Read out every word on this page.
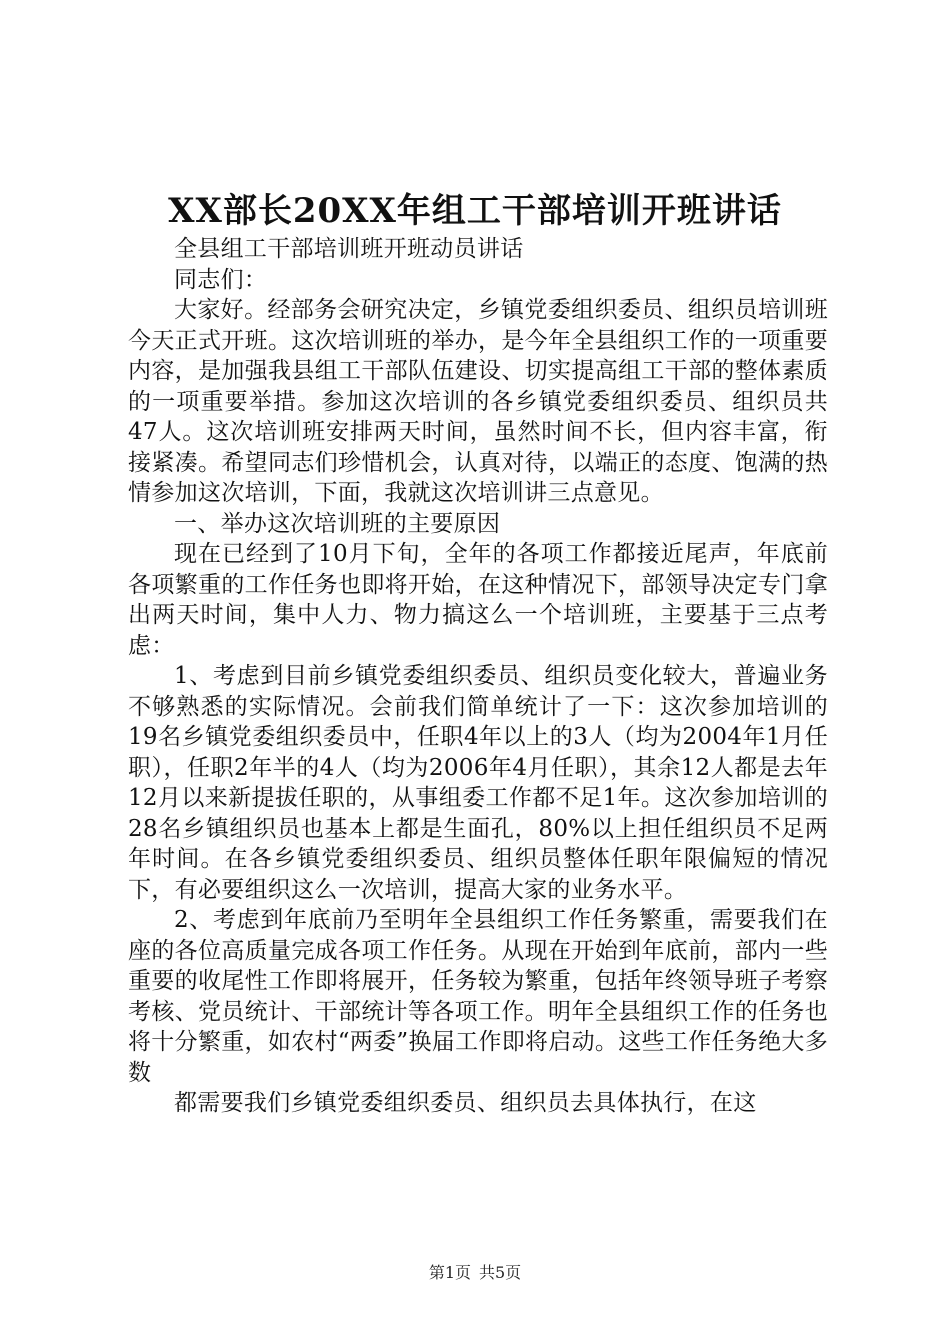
XX部长20XX年组工干部培训开班讲话

全县组工干部培训班开班动员讲话

同志们：

大家好。经部务会研究决定，乡镇党委组织委员、组织员培训班今天正式开班。这次培训班的举办，是今年全县组织工作的一项重要内容，是加强我县组工干部队伍建设、切实提高组工干部的整体素质的一项重要举措。参加这次培训的各乡镇党委组织委员、组织员共47人。这次培训班安排两天时间，虽然时间不长，但内容丰富，衔接紧凑。希望同志们珍惜机会，认真对待，以端正的态度、饱满的热情参加这次培训，下面，我就这次培训讲三点意见。

一、举办这次培训班的主要原因

现在已经到了10月下旬，全年的各项工作都接近尾声，年底前各项繁重的工作任务也即将开始，在这种情况下，部领导决定专门拿出两天时间，集中人力、物力搞这么一个培训班，主要基于三点考虑：

1、考虑到目前乡镇党委组织委员、组织员变化较大，普遍业务不够熟悉的实际情况。会前我们简单统计了一下：这次参加培训的19名乡镇党委组织委员中，任职4年以上的3人（均为2004年1月任职），任职2年半的4人（均为2006年4月任职），其余12人都是去年12月以来新提拔任职的，从事组委工作都不足1年。这次参加培训的28名乡镇组织员也基本上都是生面孔，80%以上担任组织员不足两年时间。在各乡镇党委组织委员、组织员整体任职年限偏短的情况下，有必要组织这么一次培训，提高大家的业务水平。

2、考虑到年底前乃至明年全县组织工作任务繁重，需要我们在座的各位高质量完成各项工作任务。从现在开始到年底前，部内一些重要的收尾性工作即将展开，任务较为繁重，包括年终领导班子考察考核、党员统计、干部统计等各项工作。明年全县组织工作的任务也将十分繁重，如农村“两委”换届工作即将启动。这些工作任务绝大多数

都需要我们乡镇党委组织委员、组织员去具体执行，在这

第1页 共5页
